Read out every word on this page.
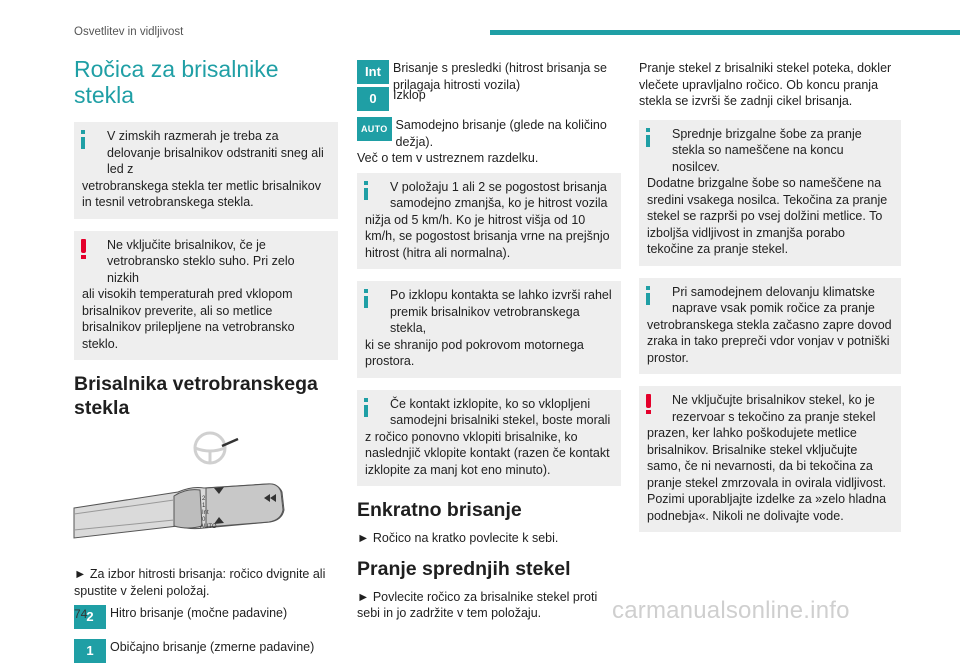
Osvetlitev in vidljivost
Ročica za brisalnike stekla

V zimskih razmerah je treba za delovanje brisalnikov odstraniti sneg ali led z

vetrobranskega stekla ter metlic brisalnikov in tesnil vetrobranskega stekla.

Ne vključite brisalnikov, če je vetrobransko steklo suho. Pri zelo nizkih

ali visokih temperaturah pred vklopom brisalnikov preverite, ali so metlice brisalnikov prilepljene na vetrobransko steklo.

Brisalnika vetrobranskega stekla
2
1
Int
0
AUTO

► Za izbor hitrosti brisanja: ročico dvignite ali spustite v želeni položaj.

2	Hitro brisanje (močne padavine)
1	Običajno brisanje (zmerne padavine)
Int Brisanje s presledki (hitrost brisanja se prilagaja hitrosti vozila)
0	Izklop
AUTO Samodejno brisanje (glede na količino dežja).

Več o tem v ustreznem razdelku.

V položaju 1 ali 2 se pogostost brisanja samodejno zmanjša, ko je hitrost vozila

nižja od 5 km/h. Ko je hitrost višja od 10 km/h, se pogostost brisanja vrne na prejšnjo hitrost (hitra ali normalna).

Po izklopu kontakta se lahko izvrši rahel premik brisalnikov vetrobranskega stekla,

ki se shranijo pod pokrovom motornega prostora.

Če kontakt izklopite, ko so vklopljeni samodejni brisalniki stekel, boste morali

z ročico ponovno vklopiti brisalnike, ko naslednjič vklopite kontakt (razen če kontakt izklopite za manj kot eno minuto).

Enkratno brisanje

► Ročico na kratko povlecite k sebi.

Pranje sprednjih stekel

► Povlecite ročico za brisalnike stekel proti sebi in jo zadržite v tem položaju.

Pranje stekel z brisalniki stekel poteka, dokler vlečete upravljalno ročico. Ob koncu pranja stekla se izvrši še zadnji cikel brisanja.

Sprednje brizgalne šobe za pranje stekla so nameščene na koncu nosilcev.

Dodatne brizgalne šobe so nameščene na sredini vsakega nosilca. Tekočina za pranje stekel se razprši po vsej dolžini metlice. To izboljša vidljivost in zmanjša porabo tekočine za pranje stekel.

Pri samodejnem delovanju klimatske naprave vsak pomik ročice za pranje

vetrobranskega stekla začasno zapre dovod zraka in tako prepreči vdor vonjav v potniški prostor.

Ne vključujte brisalnikov stekel, ko je rezervoar s tekočino za pranje stekel

prazen, ker lahko poškodujete metlice brisalnikov. Brisalnike stekel vključujte samo, če ni nevarnosti, da bi tekočina za pranje stekel zmrzovala in ovirala vidljivost. Pozimi uporabljajte izdelke za »zelo hladna podnebja«. Nikoli ne dolivajte vode.

74	carmanualsonline.info
